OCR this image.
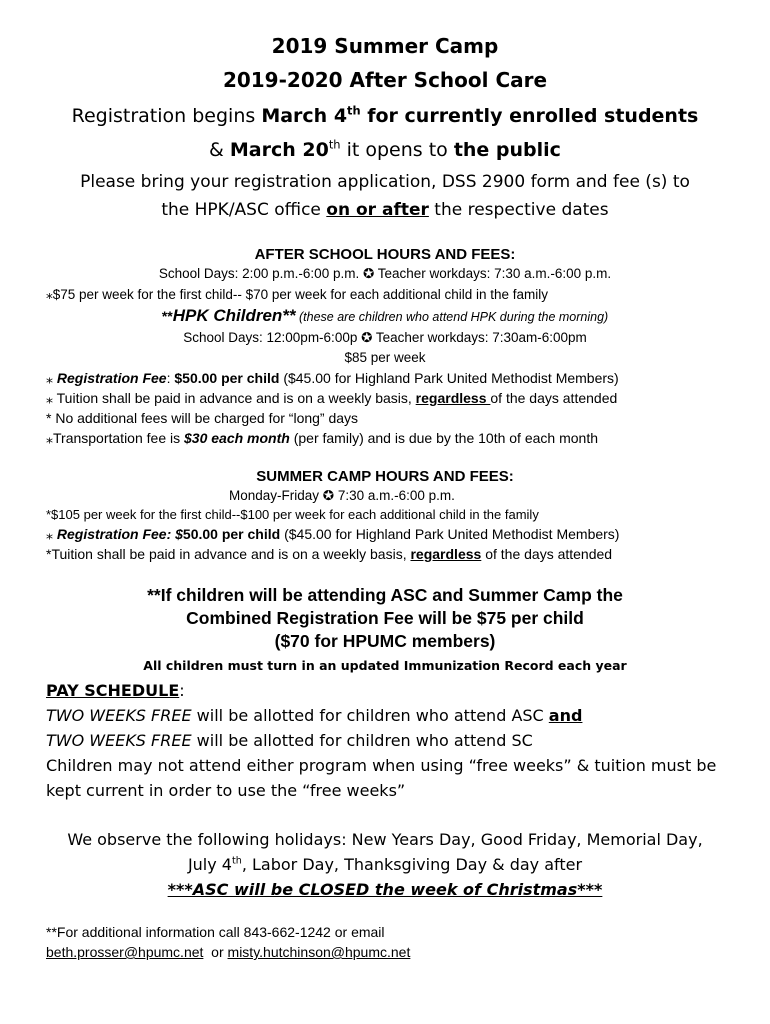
2019 Summer Camp
2019-2020 After School Care
Registration begins March 4th for currently enrolled students
& March 20th it opens to the public
Please bring your registration application, DSS 2900 form and fee (s) to
the HPK/ASC office on or after the respective dates
AFTER SCHOOL HOURS AND FEES:
School Days: 2:00 p.m.-6:00 p.m. ✪ Teacher workdays: 7:30 a.m.-6:00 p.m.
⁎$75 per week for the first child-- $70 per week for each additional child in the family
**HPK Children** (these are children who attend HPK during the morning)
School Days: 12:00pm-6:00p ✪ Teacher workdays: 7:30am-6:00pm
$85 per week
⁎ Registration Fee: $50.00 per child ($45.00 for Highland Park United Methodist Members)
⁎ Tuition shall be paid in advance and is on a weekly basis, regardless of the days attended
* No additional fees will be charged for “long” days
⁎Transportation fee is $30 each month (per family) and is due by the 10th of each month
SUMMER CAMP HOURS AND FEES:
Monday-Friday ✪ 7:30 a.m.-6:00 p.m.
*$105 per week for the first child--$100 per week for each additional child in the family
⁎ Registration Fee: $50.00 per child ($45.00 for Highland Park United Methodist Members)
*Tuition shall be paid in advance and is on a weekly basis, regardless of the days attended
**If children will be attending ASC and Summer Camp the
Combined Registration Fee will be $75 per child
($70 for HPUMC members)
All children must turn in an updated Immunization Record each year
PAY SCHEDULE:
TWO WEEKS FREE will be allotted for children who attend ASC and
TWO WEEKS FREE will be allotted for children who attend SC
Children may not attend either program when using “free weeks” & tuition must be
kept current in order to use the “free weeks”
We observe the following holidays: New Years Day, Good Friday, Memorial Day,
July 4th, Labor Day, Thanksgiving Day & day after
***ASC will be CLOSED the week of Christmas***
**For additional information call 843-662-1242 or email
beth.prosser@hpumc.net  or misty.hutchinson@hpumc.net
